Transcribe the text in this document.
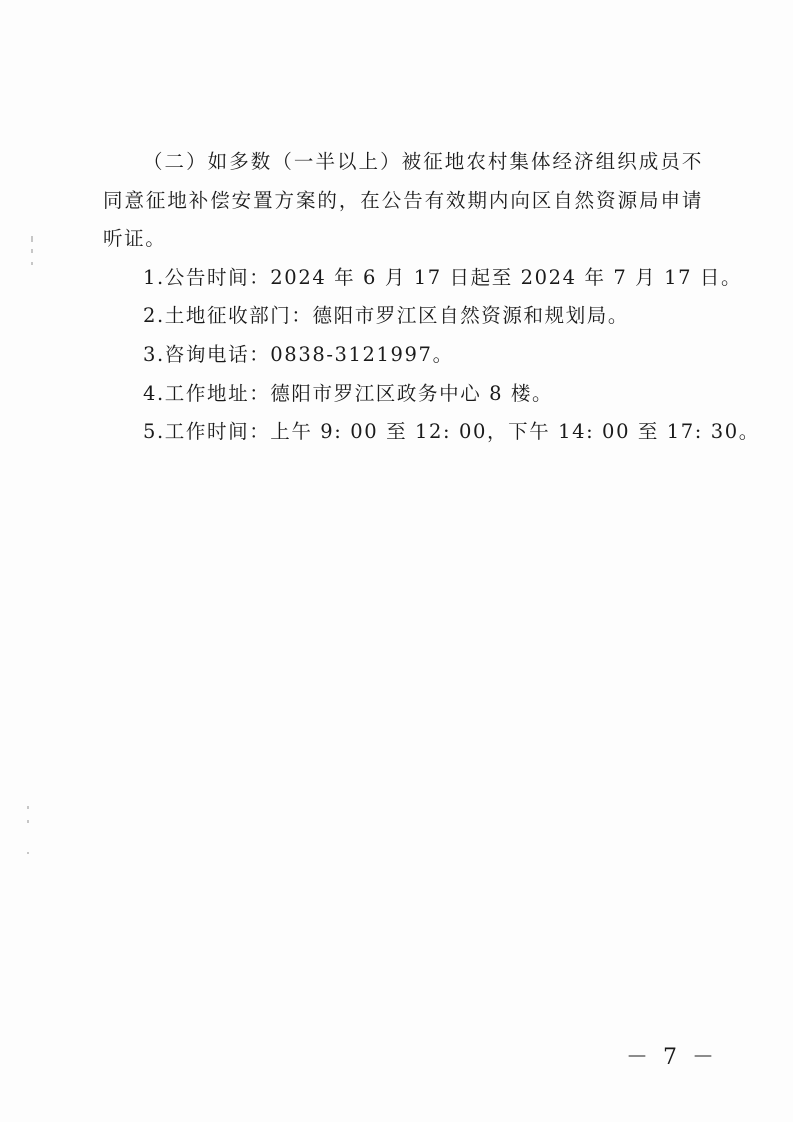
（二）如多数（一半以上）被征地农村集体经济组织成员不同意征地补偿安置方案的，在公告有效期内向区自然资源局申请听证。

1.公告时间：2024 年 6 月 17 日起至 2024 年 7 月 17 日。

2.土地征收部门：德阳市罗江区自然资源和规划局。

3.咨询电话：0838-3121997。

4.工作地址：德阳市罗江区政务中心 8 楼。

5.工作时间：上午 9: 00 至 12: 00，下午 14: 00 至 17: 30。

－ 7 －
